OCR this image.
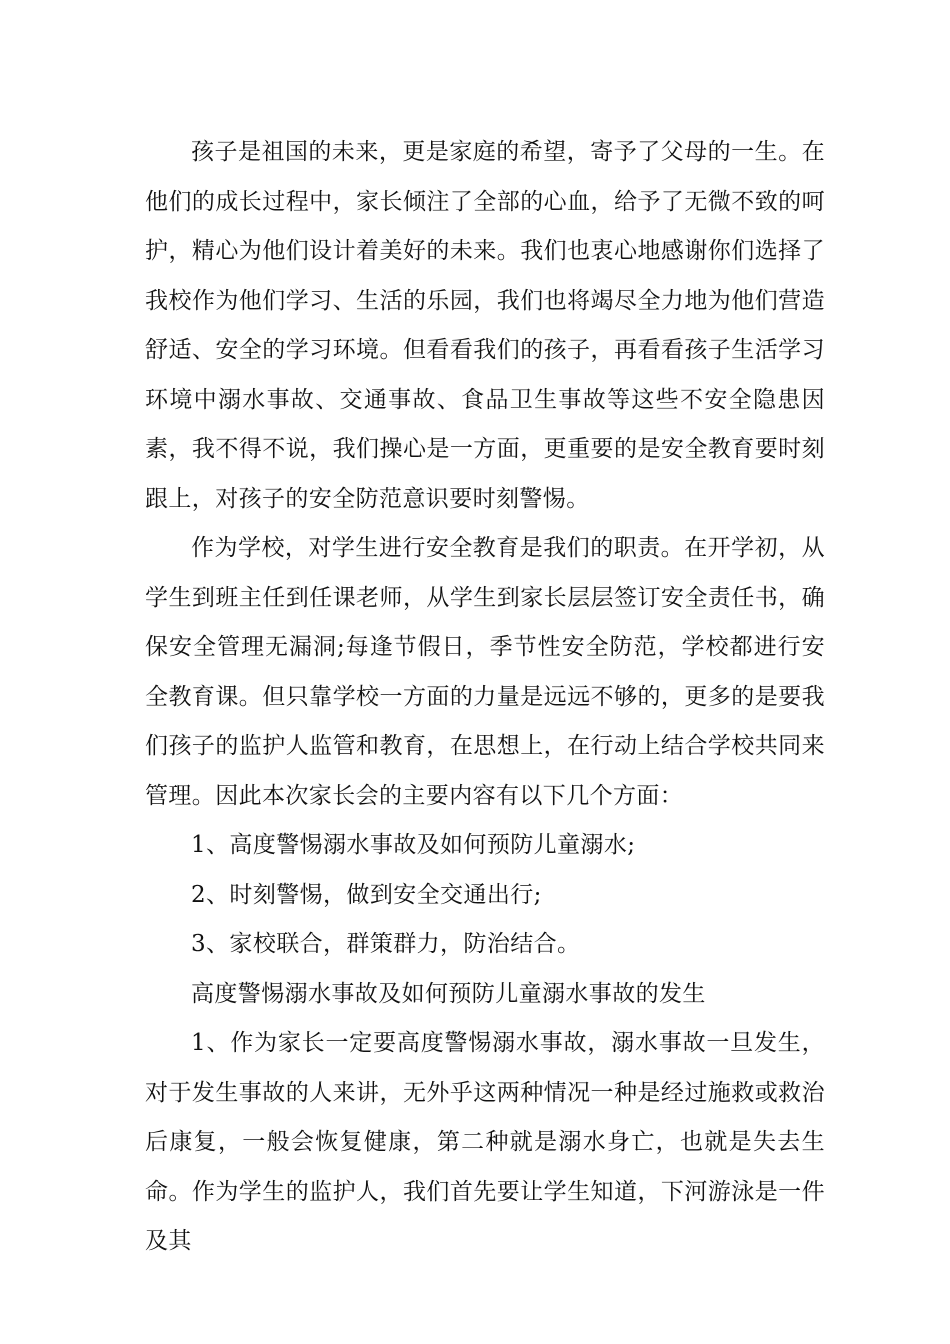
孩子是祖国的未来，更是家庭的希望，寄予了父母的一生。在他们的成长过程中，家长倾注了全部的心血，给予了无微不致的呵护，精心为他们设计着美好的未来。我们也衷心地感谢你们选择了我校作为他们学习、生活的乐园，我们也将竭尽全力地为他们营造舒适、安全的学习环境。但看看我们的孩子，再看看孩子生活学习环境中溺水事故、交通事故、食品卫生事故等这些不安全隐患因素，我不得不说，我们操心是一方面，更重要的是安全教育要时刻跟上，对孩子的安全防范意识要时刻警惕。

作为学校，对学生进行安全教育是我们的职责。在开学初，从学生到班主任到任课老师，从学生到家长层层签订安全责任书，确保安全管理无漏洞;每逢节假日，季节性安全防范，学校都进行安全教育课。但只靠学校一方面的力量是远远不够的，更多的是要我们孩子的监护人监管和教育，在思想上，在行动上结合学校共同来管理。因此本次家长会的主要内容有以下几个方面：

1、高度警惕溺水事故及如何预防儿童溺水;

2、时刻警惕，做到安全交通出行;

3、家校联合，群策群力，防治结合。

高度警惕溺水事故及如何预防儿童溺水事故的发生

1、作为家长一定要高度警惕溺水事故，溺水事故一旦发生，对于发生事故的人来讲，无外乎这两种情况一种是经过施救或救治后康复，一般会恢复健康，第二种就是溺水身亡，也就是失去生命。作为学生的监护人，我们首先要让学生知道，下河游泳是一件及其
